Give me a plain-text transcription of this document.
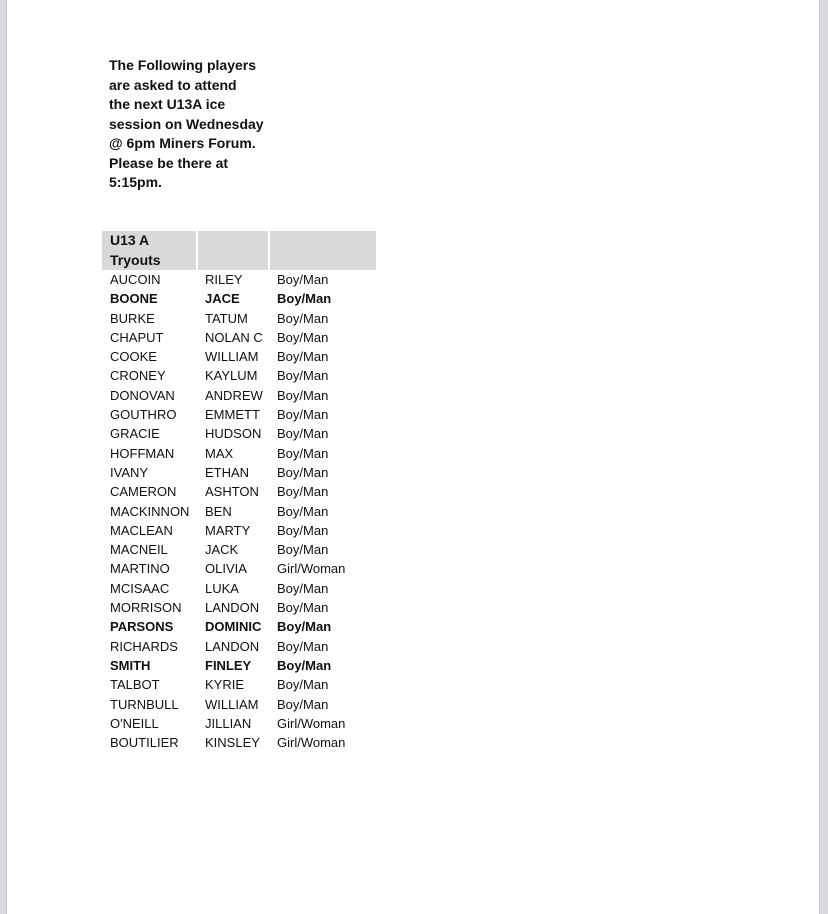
The Following players
are asked to attend
the next U13A ice
session on Wednesday
@ 6pm Miners Forum.
Please be there at
5:15pm.
U13 A Tryouts		

AUCOIN	RILEY	Boy/Man
BOONE	JACE	Boy/Man
BURKE	TATUM	Boy/Man
CHAPUT	NOLAN C	Boy/Man
COOKE	WILLIAM	Boy/Man
CRONEY	KAYLUM	Boy/Man
DONOVAN	ANDREW	Boy/Man
GOUTHRO	EMMETT	Boy/Man
GRACIE	HUDSON	Boy/Man
HOFFMAN	MAX	Boy/Man
IVANY	ETHAN	Boy/Man
CAMERON	ASHTON	Boy/Man
MACKINNON	BEN	Boy/Man
MACLEAN	MARTY	Boy/Man
MACNEIL	JACK	Boy/Man
MARTINO	OLIVIA	Girl/Woman
MCISAAC	LUKA	Boy/Man
MORRISON	LANDON	Boy/Man
PARSONS	DOMINIC	Boy/Man
RICHARDS	LANDON	Boy/Man
SMITH	FINLEY	Boy/Man
TALBOT	KYRIE	Boy/Man
TURNBULL	WILLIAM	Boy/Man
O'NEILL	JILLIAN	Girl/Woman
BOUTILIER	KINSLEY	Girl/Woman
